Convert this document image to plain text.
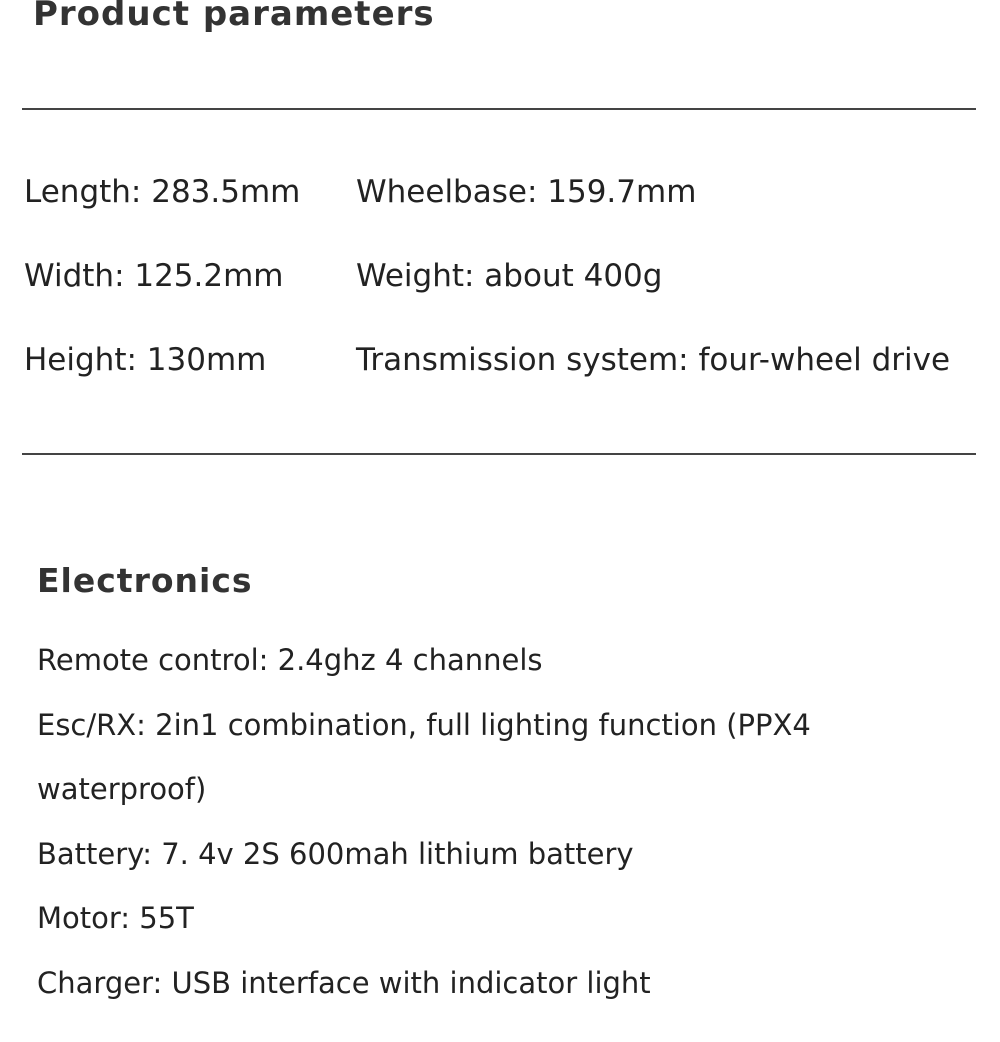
Product parameters
Length: 283.5mm Wheelbase: 159.7mm
Width: 125.2mm Weight: about 400g
Height: 130mm	Transmission system: four-wheel drive
Electronics
Remote control: 2.4ghz 4 channels
Esc/RX: 2in1 combination, full lighting function (PPX4 waterproof)
Battery: 7. 4v 2S 600mah lithium battery
Motor: 55T
Charger: USB interface with indicator light
